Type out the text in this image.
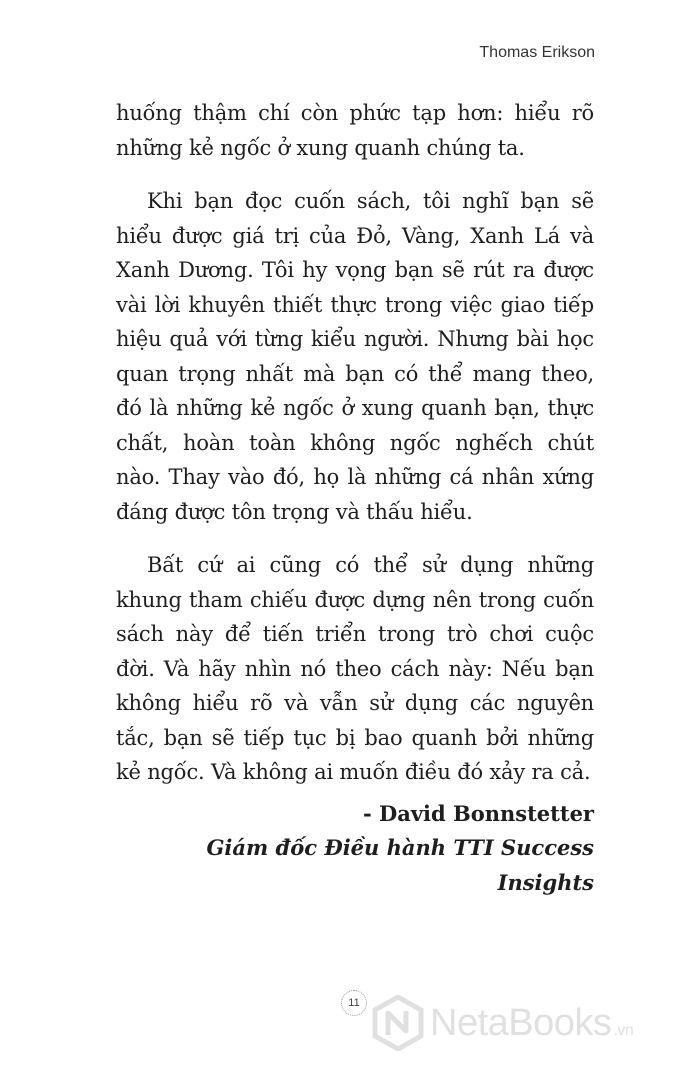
Thomas Erikson

huống thậm chí còn phức tạp hơn: hiểu rõ những kẻ ngốc ở xung quanh chúng ta.

Khi bạn đọc cuốn sách, tôi nghĩ bạn sẽ hiểu được giá trị của Đỏ, Vàng, Xanh Lá và Xanh Dương. Tôi hy vọng bạn sẽ rút ra được vài lời khuyên thiết thực trong việc giao tiếp hiệu quả với từng kiểu người. Nhưng bài học quan trọng nhất mà bạn có thể mang theo, đó là những kẻ ngốc ở xung quanh bạn, thực chất, hoàn toàn không ngốc nghếch chút nào. Thay vào đó, họ là những cá nhân xứng đáng được tôn trọng và thấu hiểu.

Bất cứ ai cũng có thể sử dụng những khung tham chiếu được dựng nên trong cuốn sách này để tiến triển trong trò chơi cuộc đời. Và hãy nhìn nó theo cách này: Nếu bạn không hiểu rõ và vẫn sử dụng các nguyên tắc, bạn sẽ tiếp tục bị bao quanh bởi những kẻ ngốc. Và không ai muốn điều đó xảy ra cả.

- David Bonnstetter
Giám đốc Điều hành TTI Success Insights
11 NetaBooks .vn
